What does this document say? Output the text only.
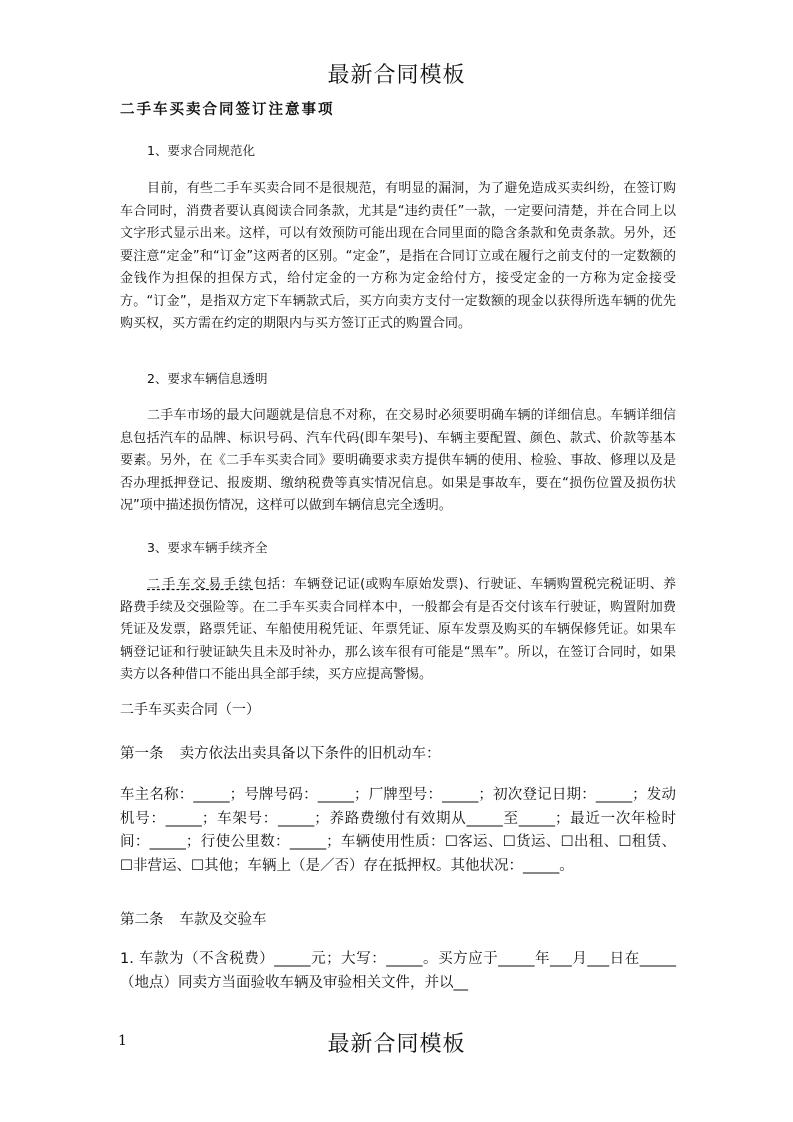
最新合同模板
二手车买卖合同签订注意事项
1、要求合同规范化
目前，有些二手车买卖合同不是很规范，有明显的漏洞，为了避免造成买卖纠纷，在签订购车合同时，消费者要认真阅读合同条款，尤其是“违约责任”一款，一定要问清楚，并在合同上以文字形式显示出来。这样，可以有效预防可能出现在合同里面的隐含条款和免责条款。另外，还要注意“定金”和“订金”这两者的区别。“定金”，是指在合同订立或在履行之前支付的一定数额的金钱作为担保的担保方式，给付定金的一方称为定金给付方，接受定金的一方称为定金接受方。“订金”，是指双方定下车辆款式后，买方向卖方支付一定数额的现金以获得所选车辆的优先购买权，买方需在约定的期限内与买方签订正式的购置合同。
2、要求车辆信息透明
二手车市场的最大问题就是信息不对称，在交易时必须要明确车辆的详细信息。车辆详细信息包括汽车的品牌、标识号码、汽车代码(即车架号)、车辆主要配置、颜色、款式、价款等基本要素。另外，在《二手车买卖合同》要明确要求卖方提供车辆的使用、检验、事故、修理以及是否办理抵押登记、报废期、缴纳税费等真实情况信息。如果是事故车，要在“损伤位置及损伤状况”项中描述损伤情况，这样可以做到车辆信息完全透明。
3、要求车辆手续齐全
二手车交易手续包括：车辆登记证(或购车原始发票)、行驶证、车辆购置税完税证明、养路费手续及交强险等。在二手车买卖合同样本中，一般都会有是否交付该车行驶证，购置附加费凭证及发票，路票凭证、车船使用税凭证、年票凭证、原车发票及购买的车辆保修凭证。如果车辆登记证和行驶证缺失且未及时补办，那么该车很有可能是“黑车”。所以，在签订合同时，如果卖方以各种借口不能出具全部手续，买方应提高警惕。
二手车买卖合同（一）
第一条 卖方依法出卖具备以下条件的旧机动车：
车主名称：_____；号牌号码：_____；厂牌型号：_____；初次登记日期：_____；发动机号：_____；车架号：_____；养路费缴付有效期从_____至_____；最近一次年检时间：_____；行使公里数：_____；车辆使用性质：☐客运、☐货运、☐出租、☐租赁、☐非营运、☐其他；车辆上（是／否）存在抵押权。其他状况：_____。
第二条 车款及交验车
1. 车款为（不含税费）_____元；大写：_____。买方应于_____年___月___日在_____（地点）同卖方当面验收车辆及审验相关文件，并以__
1	最新合同模板
